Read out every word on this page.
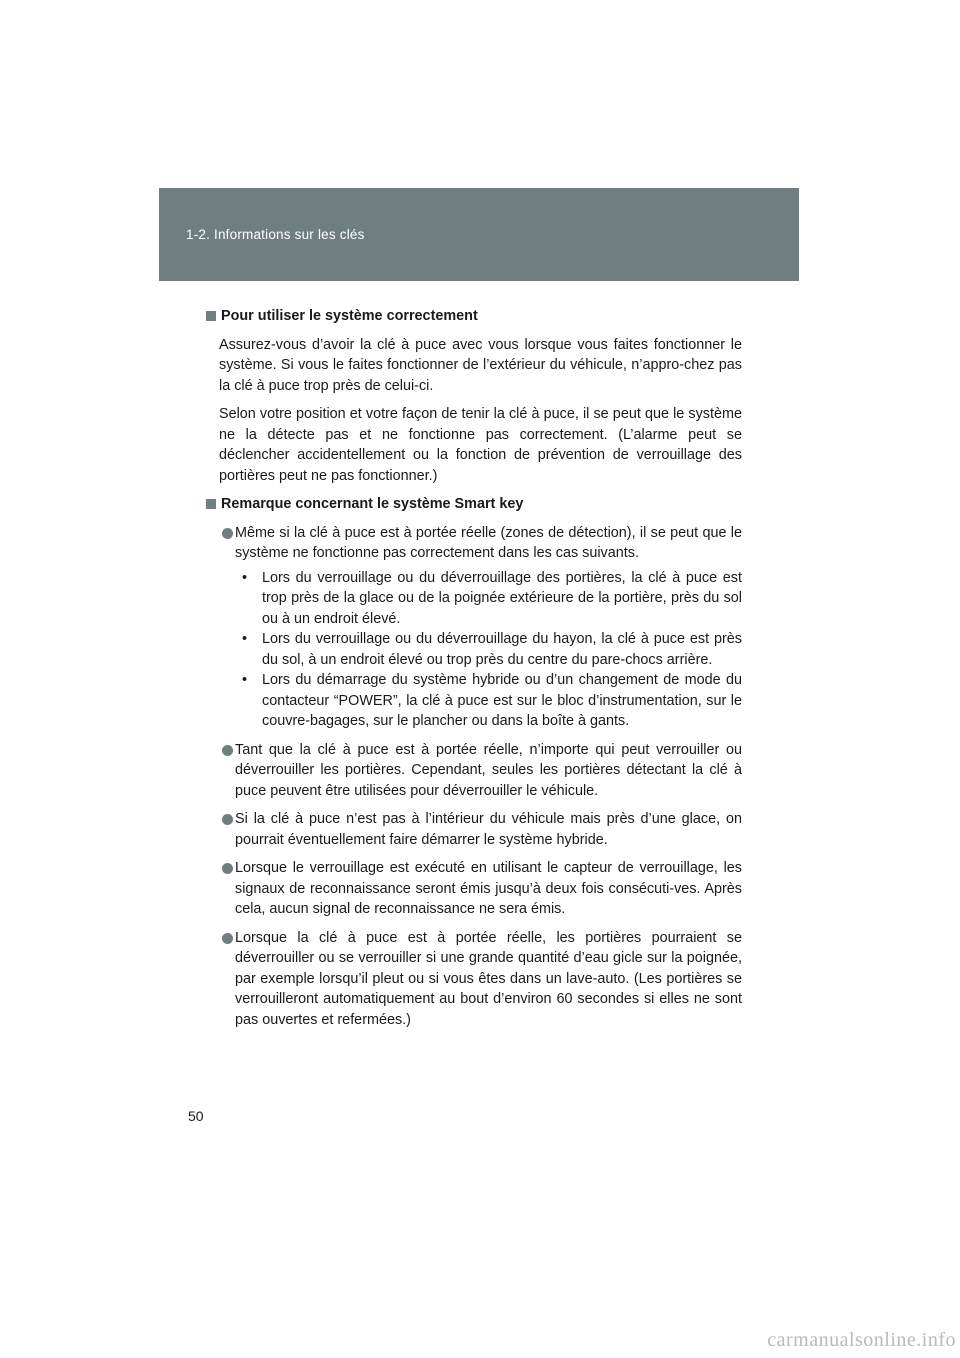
1-2. Informations sur les clés
Pour utiliser le système correctement
Assurez-vous d’avoir la clé à puce avec vous lorsque vous faites fonctionner le système. Si vous le faites fonctionner de l’extérieur du véhicule, n’appro-chez pas la clé à puce trop près de celui-ci.
Selon votre position et votre façon de tenir la clé à puce, il se peut que le système ne la détecte pas et ne fonctionne pas correctement. (L’alarme peut se déclencher accidentellement ou la fonction de prévention de verrouillage des portières peut ne pas fonctionner.)
Remarque concernant le système Smart key
Même si la clé à puce est à portée réelle (zones de détection), il se peut que le système ne fonctionne pas correctement dans les cas suivants.
• Lors du verrouillage ou du déverrouillage des portières, la clé à puce est trop près de la glace ou de la poignée extérieure de la portière, près du sol ou à un endroit élevé.
• Lors du verrouillage ou du déverrouillage du hayon, la clé à puce est près du sol, à un endroit élevé ou trop près du centre du pare-chocs arrière.
• Lors du démarrage du système hybride ou d’un changement de mode du contacteur “POWER”, la clé à puce est sur le bloc d’instrumentation, sur le couvre-bagages, sur le plancher ou dans la boîte à gants.
Tant que la clé à puce est à portée réelle, n’importe qui peut verrouiller ou déverrouiller les portières. Cependant, seules les portières détectant la clé à puce peuvent être utilisées pour déverrouiller le véhicule.
Si la clé à puce n’est pas à l’intérieur du véhicule mais près d’une glace, on pourrait éventuellement faire démarrer le système hybride.
Lorsque le verrouillage est exécuté en utilisant le capteur de verrouillage, les signaux de reconnaissance seront émis jusqu’à deux fois consécuti-ves. Après cela, aucun signal de reconnaissance ne sera émis.
Lorsque la clé à puce est à portée réelle, les portières pourraient se déverrouiller ou se verrouiller si une grande quantité d’eau gicle sur la poignée, par exemple lorsqu’il pleut ou si vous êtes dans un lave-auto. (Les portières se verrouilleront automatiquement au bout d’environ 60 secondes si elles ne sont pas ouvertes et refermées.)
50
carmanualsonline.info
